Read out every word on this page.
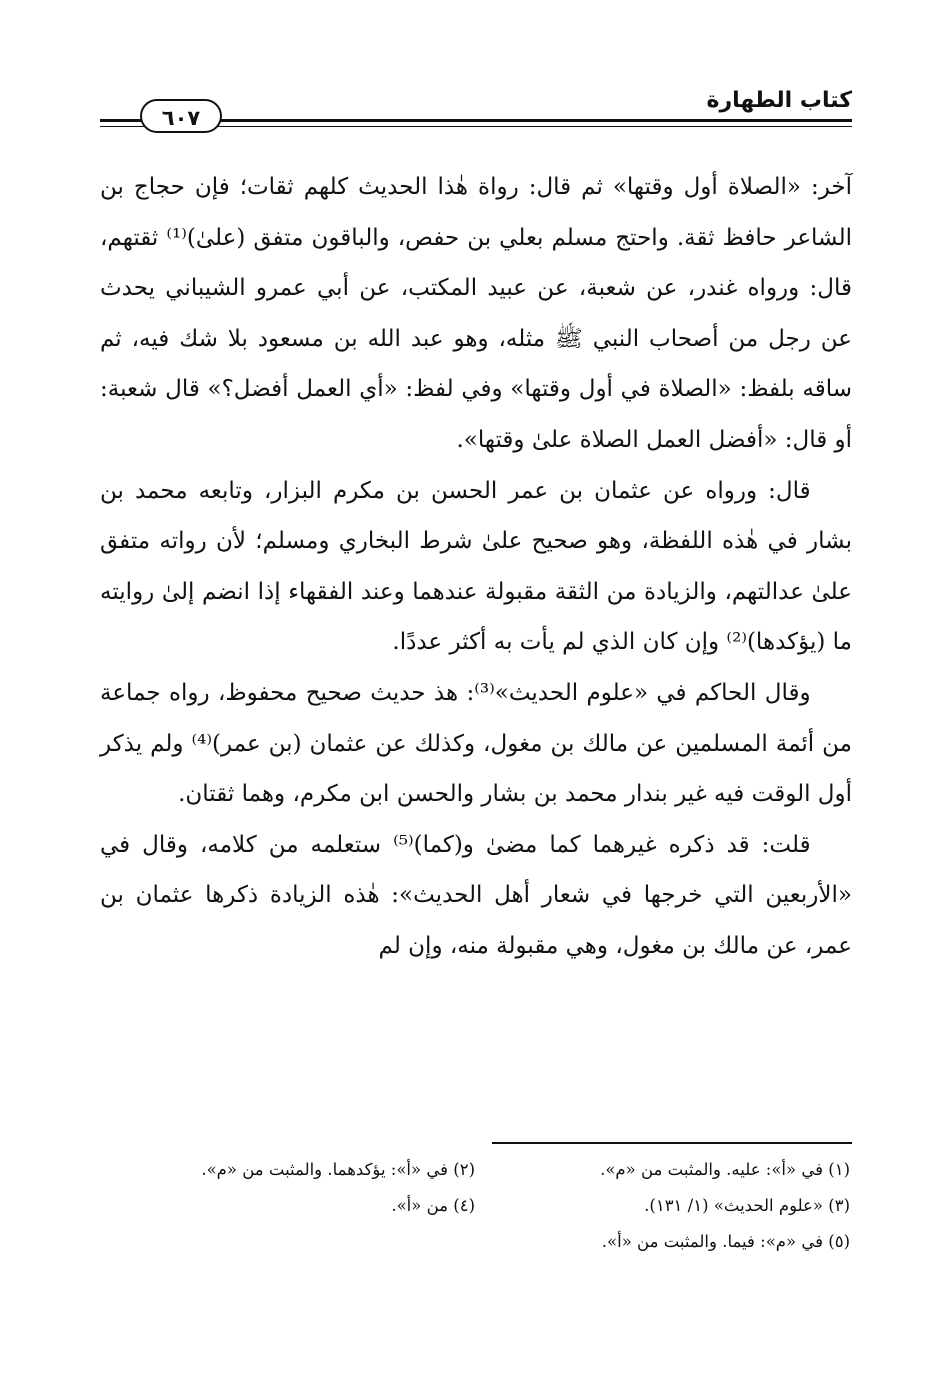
٦٠٧
كتاب الطهارة

آخر: «الصلاة أول وقتها» ثم قال: رواة هٰذا الحديث كلهم ثقات؛ فإن حجاج بن الشاعر حافظ ثقة. واحتج مسلم بعلي بن حفص، والباقون متفق (علىٰ)⁽¹⁾ ثقتهم، قال: ورواه غندر، عن شعبة، عن عبيد المكتب، عن أبي عمرو الشيباني يحدث عن رجل من أصحاب النبي ﷺ مثله، وهو عبد الله بن مسعود بلا شك فيه، ثم ساقه بلفظ: «الصلاة في أول وقتها» وفي لفظ: «أي العمل أفضل؟» قال شعبة: أو قال: «أفضل العمل الصلاة علىٰ وقتها».

قال: ورواه عن عثمان بن عمر الحسن بن مكرم البزار، وتابعه محمد بن بشار في هٰذه اللفظة، وهو صحيح علىٰ شرط البخاري ومسلم؛ لأن رواته متفق علىٰ عدالتهم، والزيادة من الثقة مقبولة عندهما وعند الفقهاء إذا انضم إلىٰ روايته ما (يؤكدها)⁽²⁾ وإن كان الذي لم يأت به أكثر عددًا.

وقال الحاكم في «علوم الحديث»⁽³⁾: هذ حديث صحيح محفوظ، رواه جماعة من أئمة المسلمين عن مالك بن مغول، وكذلك عن عثمان (بن عمر)⁽⁴⁾ ولم يذكر أول الوقت فيه غير بندار محمد بن بشار والحسن ابن مكرم، وهما ثقتان.

قلت: قد ذكره غيرهما كما مضىٰ و(كما)⁽⁵⁾ ستعلمه من كلامه، وقال في «الأربعين التي خرجها في شعار أهل الحديث»: هٰذه الزيادة ذكرها عثمان بن عمر، عن مالك بن مغول، وهي مقبولة منه، وإن لم

(١) في «أ»: عليه. والمثبت من «م».
(٢) في «أ»: يؤكدهما. والمثبت من «م».
(٣) «علوم الحديث» (١/ ١٣١).
(٤) من «أ».
(٥) في «م»: فيما. والمثبت من «أ».
